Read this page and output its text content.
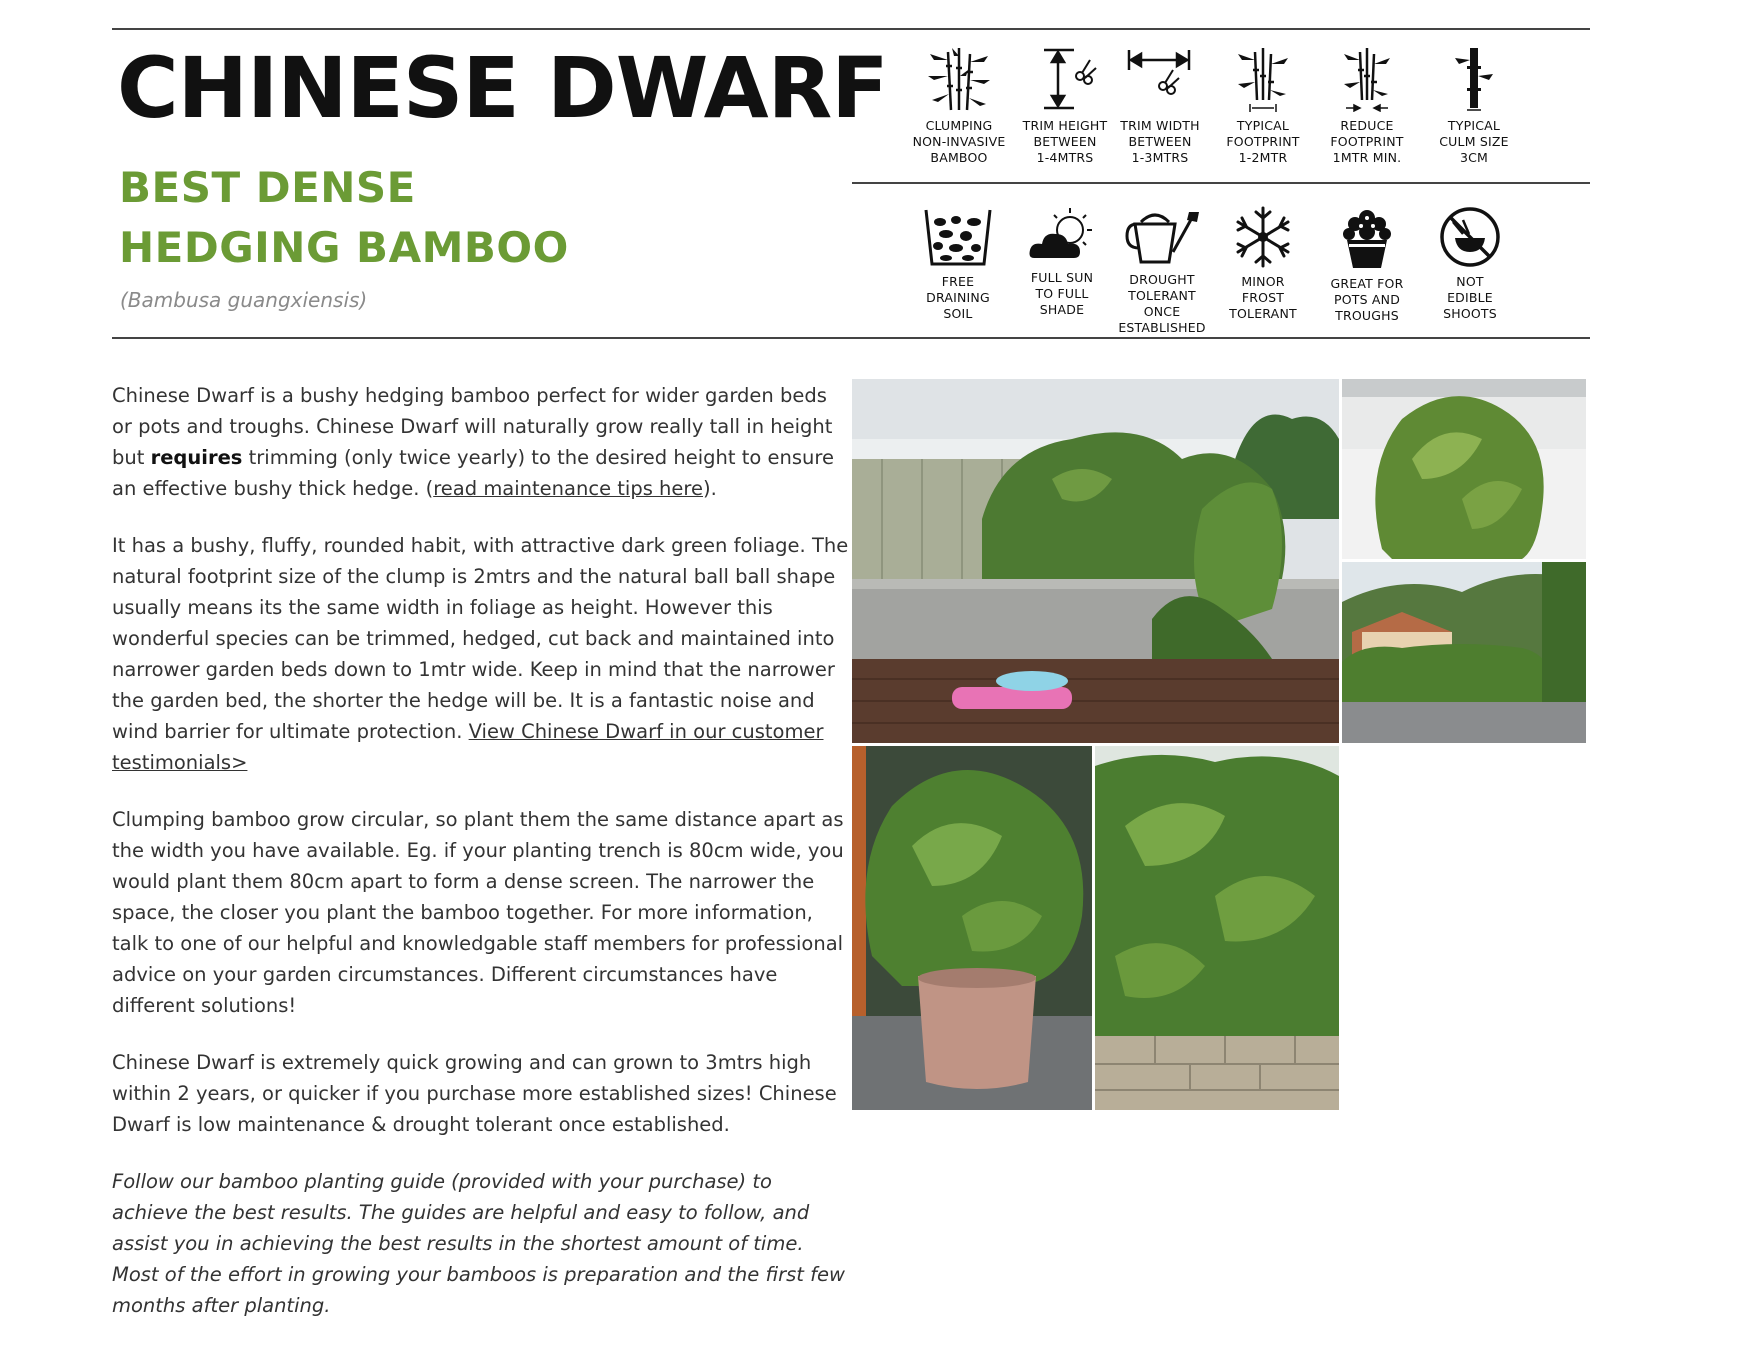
CHINESE DWARF
BEST DENSE
HEDGING BAMBOO
(Bambusa guangxiensis)
CLUMPING
NON-INVASIVE
BAMBOO
TRIM HEIGHT
BETWEEN
1-4MTRS
TRIM WIDTH
BETWEEN
1-3MTRS
TYPICAL
FOOTPRINT
1-2MTR
REDUCE
FOOTPRINT
1MTR MIN.
TYPICAL
CULM SIZE
3CM
FREE
DRAINING
SOIL
FULL SUN
TO FULL
SHADE
DROUGHT
TOLERANT ONCE
ESTABLISHED
MINOR
FROST
TOLERANT
GREAT FOR
POTS AND
TROUGHS
NOT
EDIBLE
SHOOTS

Chinese Dwarf is a bushy hedging bamboo perfect for wider garden beds or pots and troughs. Chinese Dwarf will naturally grow really tall in height but requires trimming (only twice yearly) to the desired height to ensure an effective bushy thick hedge. (read maintenance tips here).

It has a bushy, fluffy, rounded habit, with attractive dark green foliage. The natural footprint size of the clump is 2mtrs and the natural ball ball shape usually means its the same width in foliage as height. However this wonderful species can be trimmed, hedged, cut back and maintained into narrower garden beds down to 1mtr wide. Keep in mind that the narrower the garden bed, the shorter the hedge will be. It is a fantastic noise and wind barrier for ultimate protection. View Chinese Dwarf in our customer testimonials>

Clumping bamboo grow circular, so plant them the same distance apart as the width you have available. Eg. if your planting trench is 80cm wide, you would plant them 80cm apart to form a dense screen. The narrower the space, the closer you plant the bamboo together. For more information, talk to one of our helpful and knowledgable staff members for professional advice on your garden circumstances. Different circumstances have different solutions!

Chinese Dwarf is extremely quick growing and can grown to 3mtrs high within 2 years, or quicker if you purchase more established sizes! Chinese Dwarf is low maintenance & drought tolerant once established.

Follow our bamboo planting guide (provided with your purchase) to achieve the best results. The guides are helpful and easy to follow, and assist you in achieving the best results in the shortest amount of time. Most of the effort in growing your bamboos is preparation and the first few months after planting.
